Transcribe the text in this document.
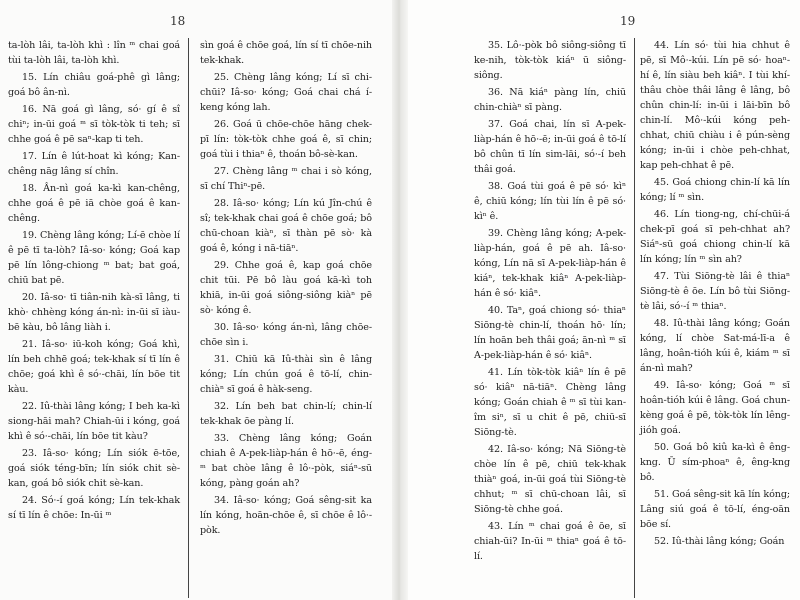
18

ta-lòh lâi, ta-lòh khì : lîn ᵐ chai goá tùi ta-lòh lâi, ta-lòh khì.

15. Lín chiâu goá-phê gì lâng; goá bô ân-nì.

16. Nā goá gì lâng, só· gí ê sî chiⁿ; in-ūi goá ᵐ sī tòk-tòk ti teh; sī chhe goá ê pē saⁿ-kap ti teh.

17. Lín ê lút-hoat kì kóng; Kan-chêng nāg lâng sí chîn.

18. Ân-nì goá ka-kì kan-chêng, chhe goá ê pē iā chòe goá ê kan-chêng.

19. Chèng lâng kóng; Lí-ē chòe lí ê pē tī ta-lòh? Iâ-so· kóng; Goá kap pē lín lông-chiong ᵐ bat; bat goá, chiū bat pē.

20. Iâ-so· tī tiân-nih kà-sī lâng, ti khò· chhèng kóng án-nì: in-ūi sī iàu-bē kàu, bô lâng liàh i.

21. Iâ-so· iū-koh kóng; Goá khì, lín beh chhē goá; tek-khak sí tī lín ê chōe; goá khì ê só·-chāi, lín bōe tit kàu.

22. Iû-thài lâng kóng; I beh ka-kì siong-hāi mah? Chiah-ūi i kóng, goá khì ê só·-chāi, lín bōe tit kàu?

23. Iâ-so· kóng; Lín siók ē-tōe, goá siók téng-bīn; lín siók chit sè-kan, goá bô siók chit sè-kan.

24. Só·-í goá kóng; Lín tek-khak sí tī lín ê chōe: In-ūi ᵐ

sìn goá ê chōe goá, lín sí tī chōe-nih tek-khak.

25. Chèng lâng kóng; Lí sī chi-chūi? Iâ-so· kóng; Goá chai chá í-keng kóng lah.

26. Goá ū chōe-chōe hāng chek-pī lín: tòk-tòk chhe goá ê, sī chin; goá tùi i thiaⁿ ê, thoán bô-sè-kan.

27. Chèng lâng ᵐ chai i sò kóng, sī chí Thiⁿ-pē.

28. Iâ-so· kóng; Lín kú Jîn-chú ê sî; tek-khak chai goá ê chōe goá; bô chū-choan kiàⁿ, sī thàn pē sò· kà goá ê, kóng i nā-tiāⁿ.

29. Chhe goá ê, kap goá chōe chit tūi. Pē bô làu goá kā-kì toh khiā, in-ūi goá siông-siông kiàⁿ pē sò· kóng ê.

30. Iâ-so· kóng án-nì, lâng chōe-chōe sìn i.

31. Chiū kā Iû-thài sìn ê lâng kóng; Lín chún goá ê tō-lí, chin-chiàⁿ sī goá ê hàk-seng.

32. Lín beh bat chin-lí; chin-lí tek-khak ōe pàng lí.

33. Chèng lâng kóng; Goán chiah ê A-pek-liàp-hán ê hō·-ē, éng-ᵐ bat chòe lâng ê lô·-pòk, siáⁿ-sū kóng, pàng goán ah?

34. Iâ-so· kóng; Goá sêng-sit ka lín kóng, hoān-chōe ê, sī chōe ê lô·-pòk.

19

35. Lô·-pòk bô siông-siông tī ke-nih, tòk-tòk kiáⁿ ū siông-siông.

36. Nā kiáⁿ pàng lín, chiū chin-chiàⁿ sī pàng.

37. Goá chai, lín sī A-pek-liàp-hán ê hō·-ē; in-ūi goá ê tō-lí bô chûn tī lín sim-lāi, só·-í beh thâi goá.

38. Goá tùi goá ê pē só· kìⁿ ê, chiū kóng; lín tùi lín ê pē só· kìⁿ ê.

39. Chèng lâng kóng; A-pek-liàp-hán, goá ê pē ah. Iâ-so· kóng, Lín nā sī A-pek-liàp-hán ê kiáⁿ, tek-khak kiâⁿ A-pek-liàp-hán ê só· kiâⁿ.

40. Taⁿ, goá chiong só· thiaⁿ Siōng-tè chin-lí, thoán hō· lín; lín hoān beh thâi goá; ān-nì ᵐ sī A-pek-liàp-hán ê só· kiâⁿ.

41. Lín tòk-tòk kiâⁿ lín ê pē só· kiâⁿ nā-tiāⁿ. Chèng lâng kóng; Goán chiah ê ᵐ sī tùi kan-îm siⁿ, sī u chit ê pē, chiū-sī Siōng-tè.

42. Iâ-so· kóng; Nā Siōng-tè chòe lín ê pē, chiū tek-khak thiàⁿ goá, in-ūi goá tùi Siōng-tè chhut; ᵐ sī chū-choan lâi, sī Siōng-tè chhe goá.

43. Lín ᵐ chai goá ê ōe, sī chiah-ūi? In-ūi ᵐ thiaⁿ goá ê tō-lí.

44. Lín só· tùi hia chhut ê pē, sī Mô·-kúi. Lín pē só· hoaⁿ-hí ê, lín siàu beh kiâⁿ. I tùi khí-thâu chòe thâi lâng ê lâng, bô chûn chin-lí: in-ūi i lāi-bīn bô chin-lí. Mô·-kúi kóng peh-chhat, chiū chiàu i ê pún-sèng kóng; in-ūi i chòe peh-chhat, kap peh-chhat ê pē.

45. Goá chiong chin-lí kā lín kóng; lí ᵐ sìn.

46. Lín tiong-ng, chí-chūi-á chek-pī goá sī peh-chhat ah? Siáⁿ-sū goá chiong chin-lí kā lín kóng; lín ᵐ sìn ah?

47. Tùi Siōng-tè lâi ê thiaⁿ Siōng-tè ê ōe. Lín bô tùi Siōng-tè lâi, só·-í ᵐ thiaⁿ.

48. Iû-thài lâng kóng; Goán kóng, lí chòe Sat-má-lī-a ê lâng, hoân-tióh kúi ê, kiám ᵐ sī án-nì mah?

49. Iâ-so· kóng; Goá ᵐ sī hoân-tióh kúi ê lâng. Goá chun-kèng goá ê pē, tòk-tòk lín lêng-jióh goá.

50. Goá bô kiû ka-kì ê êng-kng. Ū sím-phoaⁿ ê, êng-kng bô.

51. Goá sêng-sit kā lín kóng; Lâng siú goá ê tō-lí, éng-oān bōe sí.

52. Iû-thài lâng kóng; Goán
